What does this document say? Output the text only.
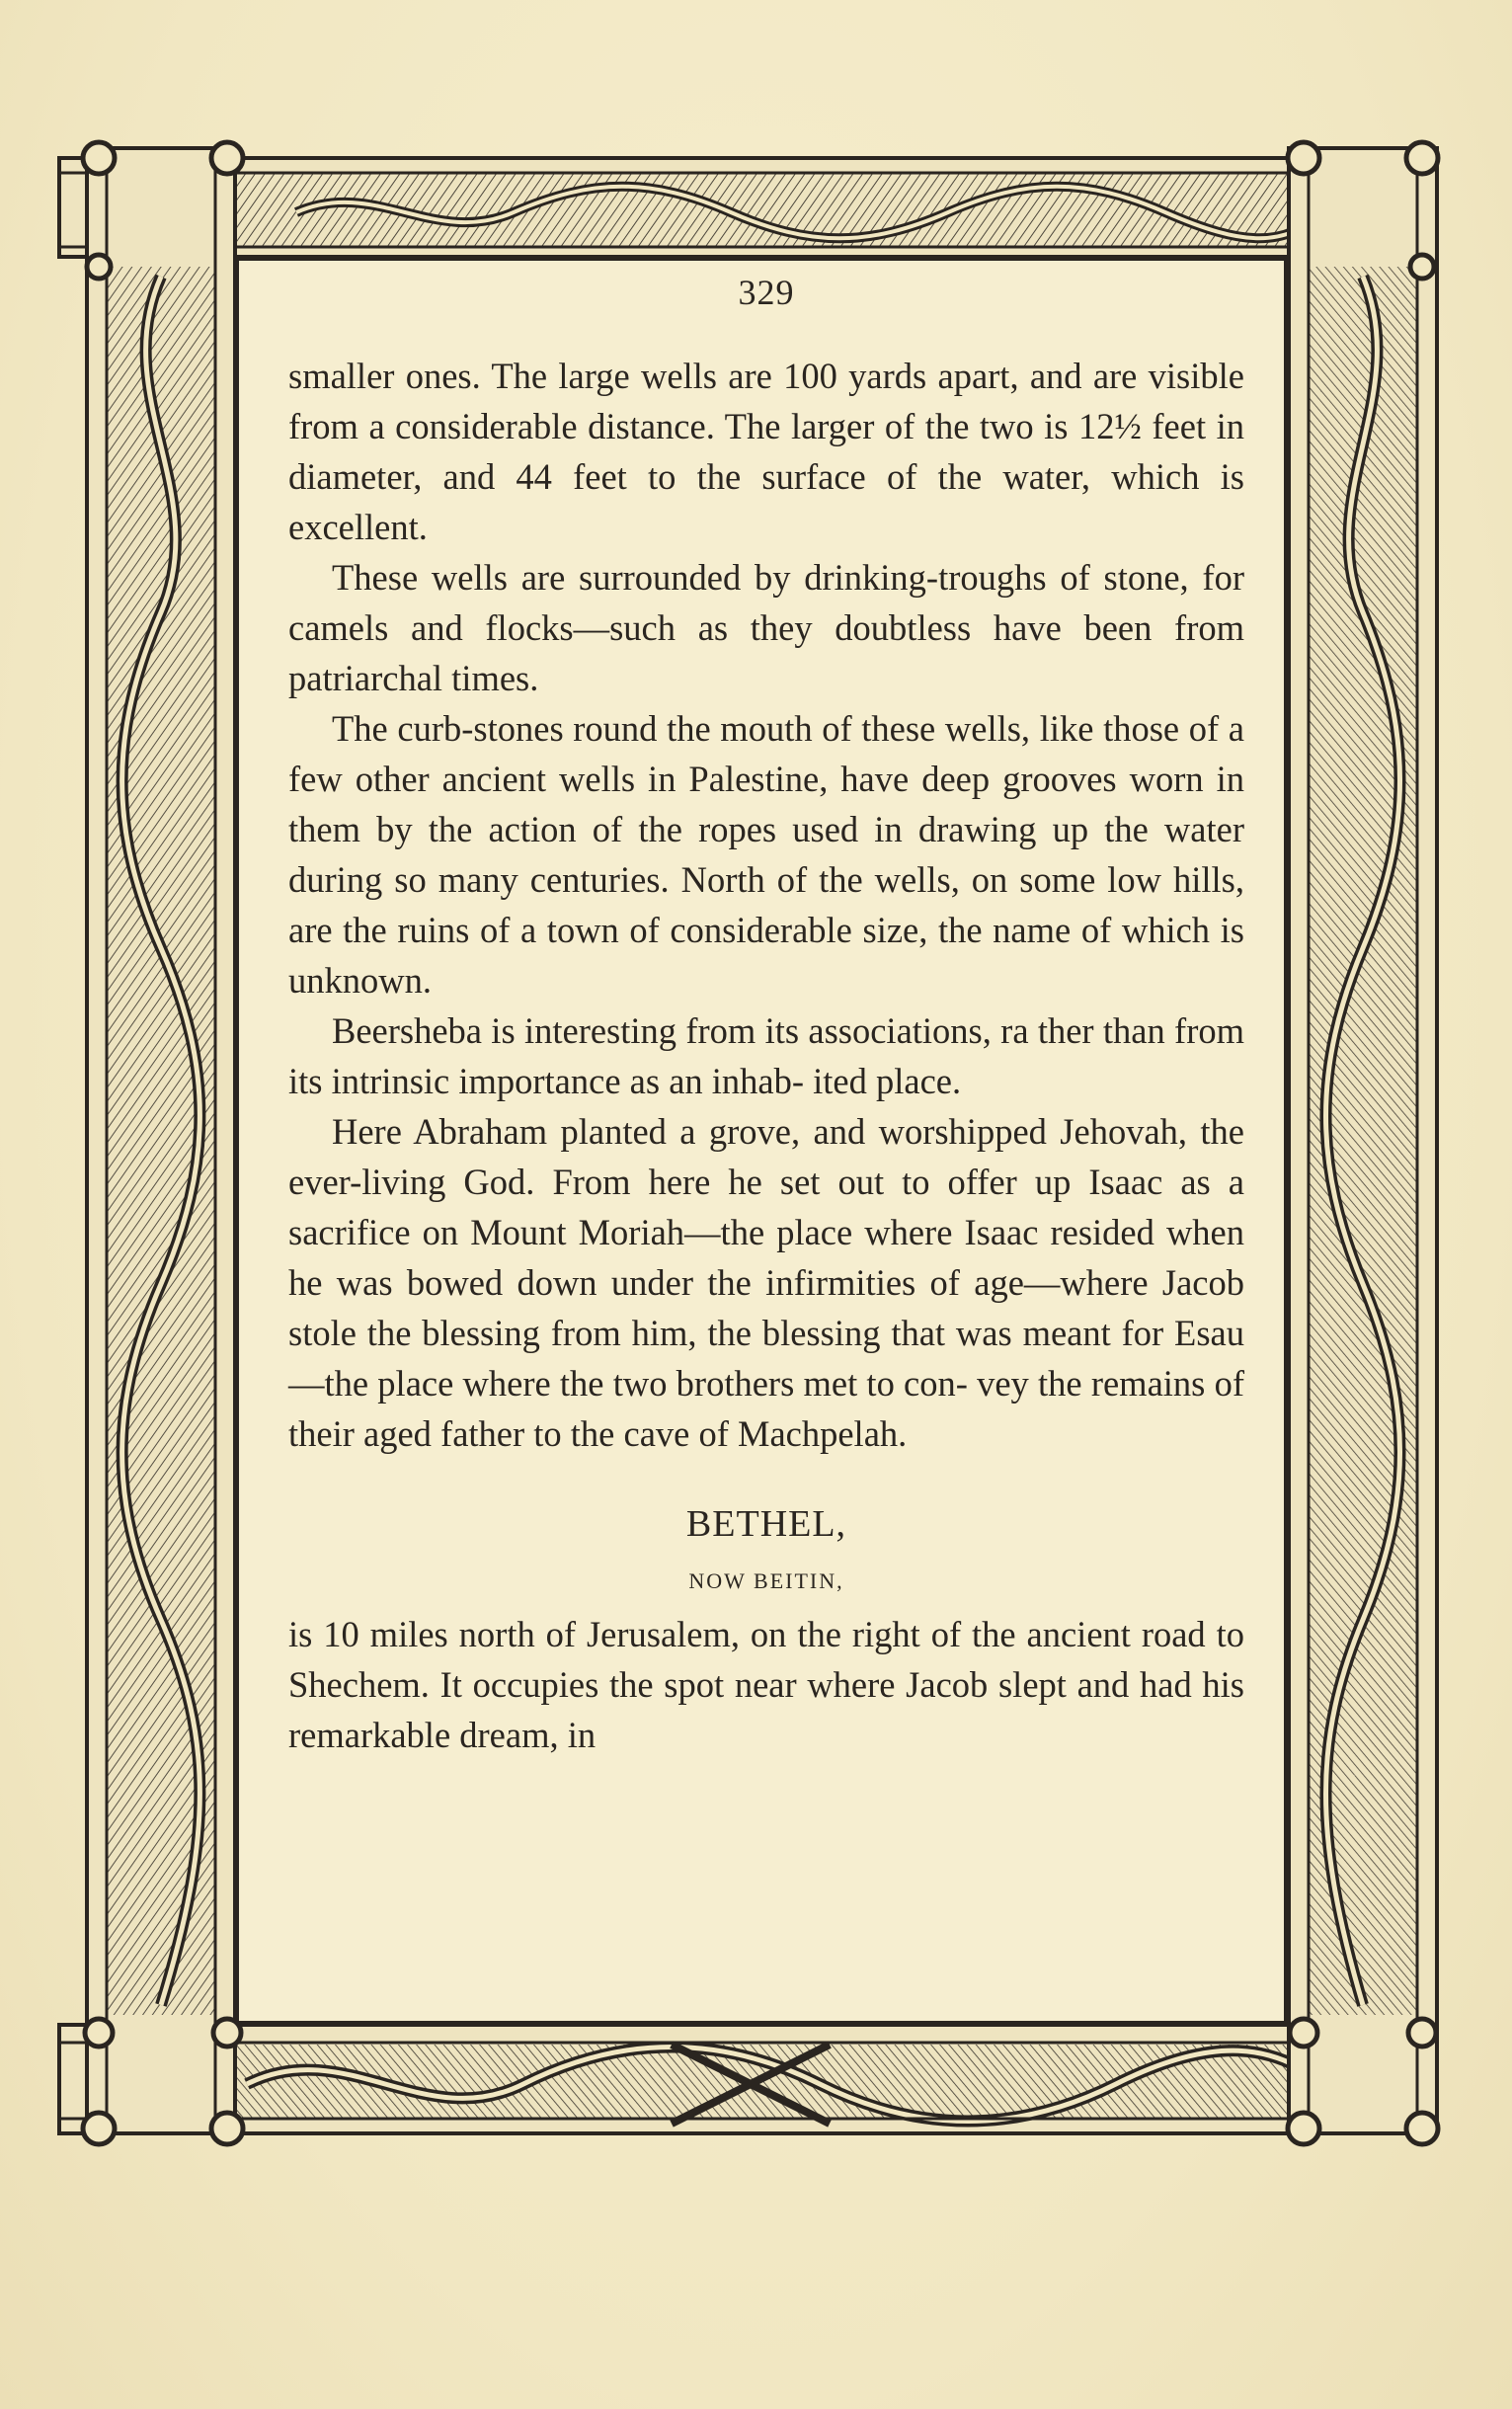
329

smaller ones. The large wells are 100 yards apart, and are visible from a considerable distance. The larger of the two is 12½ feet in diameter, and 44 feet to the surface of the water, which is excellent.

These wells are surrounded by drinking-troughs of stone, for camels and flocks—such as they doubtless have been from patriarchal times.

The curb-stones round the mouth of these wells, like those of a few other ancient wells in Palestine, have deep grooves worn in them by the action of the ropes used in drawing up the water during so many centuries. North of the wells, on some low hills, are the ruins of a town of considerable size, the name of which is unknown.

Beersheba is interesting from its associations, ra ther than from its intrinsic importance as an inhab- ited place.

Here Abraham planted a grove, and worshipped Jehovah, the ever-living God. From here he set out to offer up Isaac as a sacrifice on Mount Moriah—the place where Isaac resided when he was bowed down under the infirmities of age—where Jacob stole the blessing from him, the blessing that was meant for Esau—the place where the two brothers met to con- vey the remains of their aged father to the cave of Machpelah.

BETHEL,
NOW BEITIN,

is 10 miles north of Jerusalem, on the right of the ancient road to Shechem. It occupies the spot near where Jacob slept and had his remarkable dream, in
